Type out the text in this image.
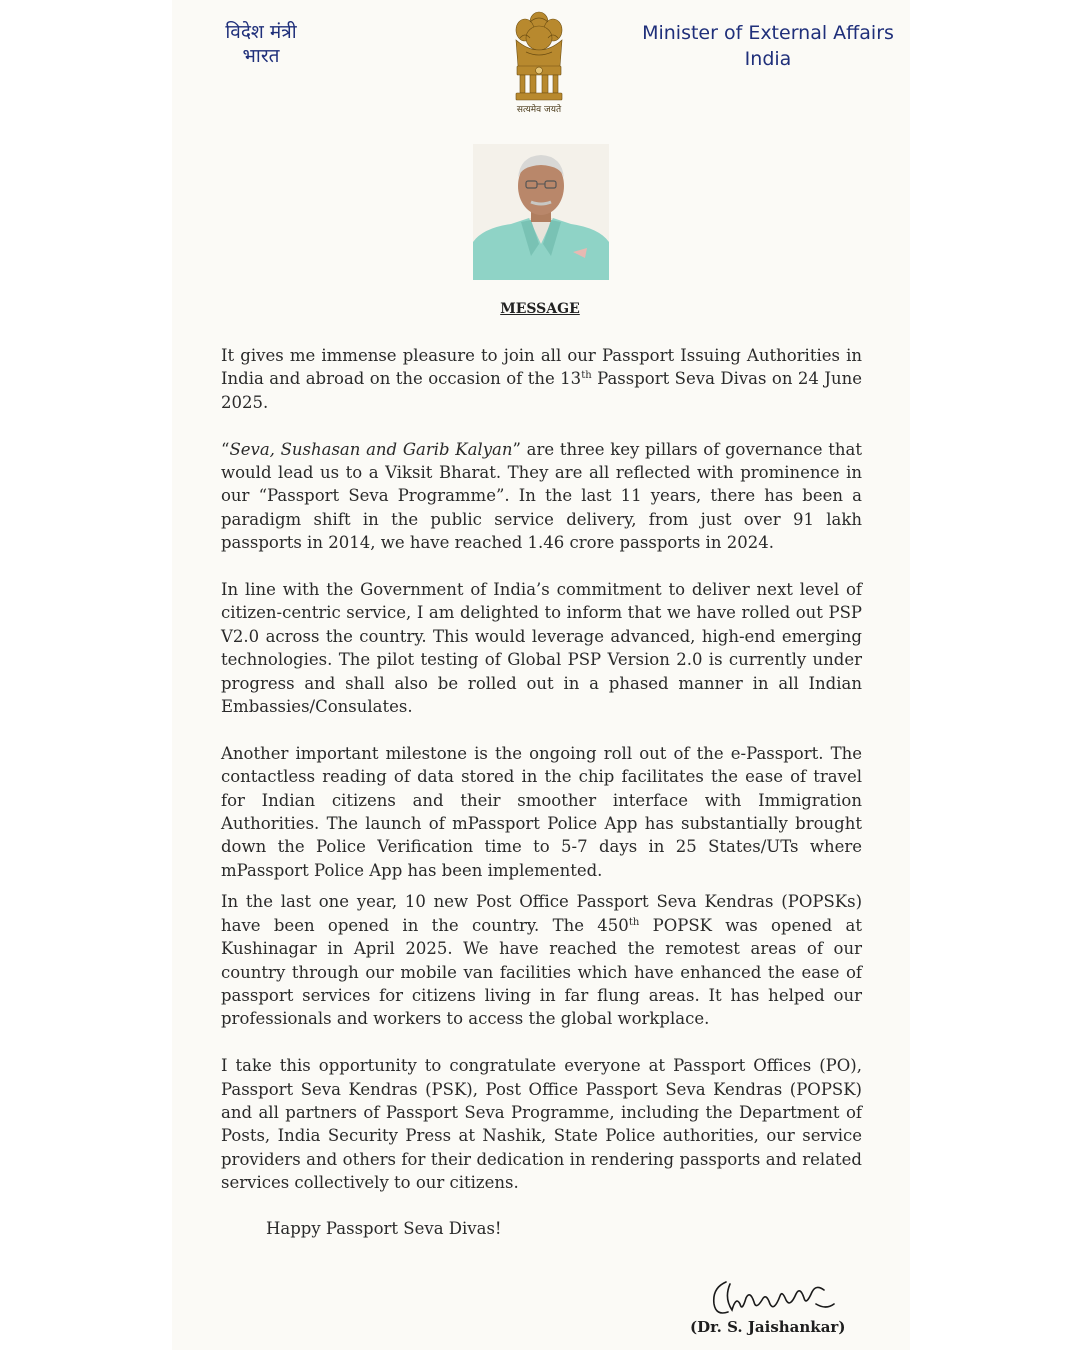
विदेश मंत्री
भारत
सत्यमेव जयते
Minister of External Affairs
India
MESSAGE

It gives me immense pleasure to join all our Passport Issuing Authorities in India and abroad on the occasion of the 13th Passport Seva Divas on 24 June 2025.

“Seva, Sushasan and Garib Kalyan” are three key pillars of governance that would lead us to a Viksit Bharat. They are all reflected with prominence in our “Passport Seva Programme”. In the last 11 years, there has been a paradigm shift in the public service delivery, from just over 91 lakh passports in 2014, we have reached 1.46 crore passports in 2024.

In line with the Government of India’s commitment to deliver next level of citizen-centric service, I am delighted to inform that we have rolled out PSP V2.0 across the country. This would leverage advanced, high-end emerging technologies. The pilot testing of Global PSP Version 2.0 is currently under progress and shall also be rolled out in a phased manner in all Indian Embassies/Consulates.

Another important milestone is the ongoing roll out of the e-Passport. The contactless reading of data stored in the chip facilitates the ease of travel for Indian citizens and their smoother interface with Immigration Authorities. The launch of mPassport Police App has substantially brought down the Police Verification time to 5-7 days in 25 States/UTs where mPassport Police App has been implemented.

In the last one year, 10 new Post Office Passport Seva Kendras (POPSKs) have been opened in the country. The 450th POPSK was opened at Kushinagar in April 2025. We have reached the remotest areas of our country through our mobile van facilities which have enhanced the ease of passport services for citizens living in far flung areas. It has helped our professionals and workers to access the global workplace.

I take this opportunity to congratulate everyone at Passport Offices (PO), Passport Seva Kendras (PSK), Post Office Passport Seva Kendras (POPSK) and all partners of Passport Seva Programme, including the Department of Posts, India Security Press at Nashik, State Police authorities, our service providers and others for their dedication in rendering passports and related services collectively to our citizens.

Happy Passport Seva Divas!
(Dr. S. Jaishankar)
